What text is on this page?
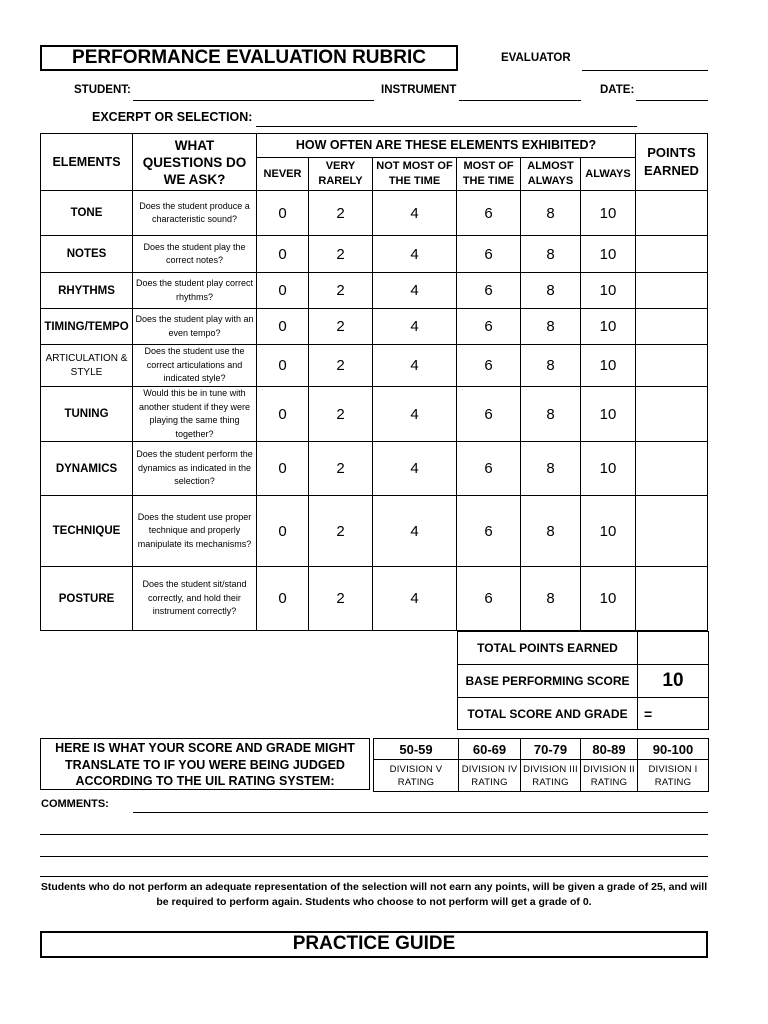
PERFORMANCE EVALUATION RUBRIC	EVALUATOR
STUDENT:	INSTRUMENT	DATE:
EXCERPT OR SELECTION:
ELEMENTS	WHAT QUESTIONS DO WE ASK?	HOW OFTEN ARE THESE ELEMENTS EXHIBITED?						POINTS EARNED
		NEVER	VERY RARELY	NOT MOST OF THE TIME	MOST OF THE TIME	ALMOST ALWAYS	ALWAYS	
TONE	Does the student produce a characteristic sound?	0	2	4	6	8	10	
NOTES	Does the student play the correct notes?	0	2	4	6	8	10	
RHYTHMS	Does the student play correct rhythms?	0	2	4	6	8	10	
TIMING/TEMPO	Does the student play with an even tempo?	0	2	4	6	8	10	
ARTICULATION & STYLE	Does the student use the correct articulations and indicated style?	0	2	4	6	8	10	
TUNING	Would this be in tune with another student if they were playing the same thing together?	0	2	4	6	8	10	
DYNAMICS	Does the student perform the dynamics as indicated in the selection?	0	2	4	6	8	10	
TECHNIQUE	Does the student use proper technique and properly manipulate its mechanisms?	0	2	4	6	8	10	
POSTURE	Does the student sit/stand correctly, and hold their instrument correctly?	0	2	4	6	8	10	
TOTAL POINTS EARNED	
BASE PERFORMING SCORE	10
TOTAL SCORE AND GRADE	=
HERE IS WHAT YOUR SCORE AND GRADE MIGHT TRANSLATE TO IF YOU WERE BEING JUDGED ACCORDING TO THE UIL RATING SYSTEM:
50-59	60-69	70-79	80-89	90-100
DIVISION V RATING	DIVISION IV RATING	DIVISION III RATING	DIVISION II RATING	DIVISION I RATING
COMMENTS:
Students who do not perform an adequate representation of the selection will not earn any points, will be given a grade of 25, and will be required to perform again. Students who choose to not perform will get a grade of 0.
PRACTICE GUIDE
